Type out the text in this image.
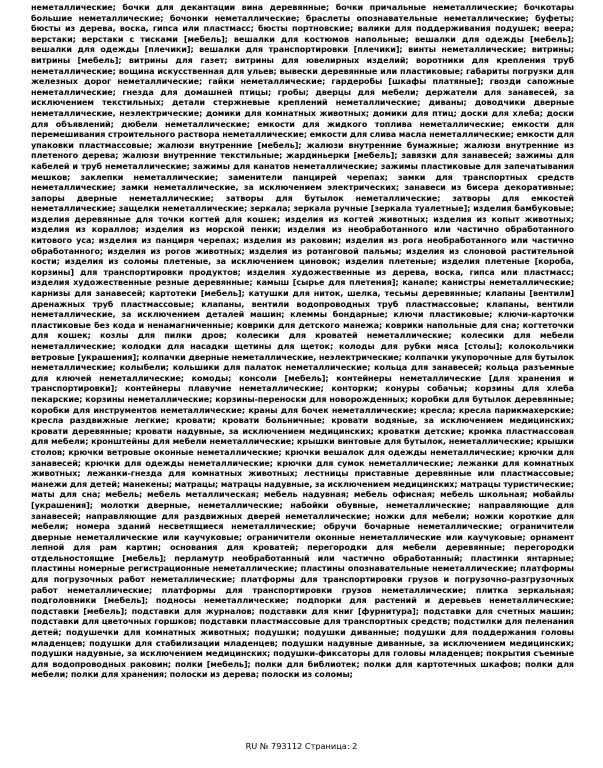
неметаллические; бочки для декантации вина деревянные; бочки причальные неметаллические; бочкотары большие неметаллические; бочонки неметаллические; браслеты опознавательные неметаллические; буфеты; бюсты из дерева, воска, гипса или пластмасс; бюсты портновские; валики для поддерживания подушек; веера; верстаки; верстаки с тисками [мебель]; вешалки для костюмов напольные; вешалки для одежды [мебель]; вешалки для одежды [плечики]; вешалки для транспортировки [плечики]; винты неметаллические; витрины; витрины [мебель]; витрины для газет; витрины для ювелирных изделий; воротники для крепления труб неметаллические; вощина искусственная для ульев; вывески деревянные или пластиковые; габариты погрузки для железных дорог неметаллические; гайки неметаллические; гардеробы [шкафы платяные]; гвозди сапожные неметаллические; гнезда для домашней птицы; гробы; дверцы для мебели; держатели для занавесей, за исключением текстильных; детали стержневые креплений неметаллические; диваны; доводчики дверные неметаллические, неэлектрические; домики для комнатных животных; домики для птиц; доски для хлеба; доски для объявлений; дюбели неметаллические; емкости для жидкого топлива неметаллические; емкости для перемешивания строительного раствора неметаллические; емкости для слива масла неметаллические; емкости для упаковки пластмассовые; жалюзи внутренние [мебель]; жалюзи внутренние бумажные; жалюзи внутренние из плетеного дерева; жалюзи внутренние текстильные; жардиньерки [мебель]; завязки для занавесей; зажимы для кабелей и труб неметаллические; зажимы для канатов неметаллические; зажимы пластиковые для запечатывания мешков; заклепки неметаллические; заменители панцирей черепах; замки для транспортных средств неметаллические; замки неметаллические, за исключением электрических; занавеси из бисера декоративные; запоры дверные неметаллические; затворы для бутылок неметаллические; затворы для емкостей неметаллические; защелки неметаллические; зеркала; зеркала ручные [зеркала туалетные]; изделия бамбуковые; изделия деревянные для точки когтей для кошек; изделия из когтей животных; изделия из копыт животных; изделия из кораллов; изделия из морской пенки; изделия из необработанного или частично обработанного китового уса; изделия из панциря черепах; изделия из раковин; изделия из рога необработанного или частично обработанного; изделия из рогов животных; изделия из ротанговой пальмы; изделия из слоновой растительной кости; изделия из соломы плетеные, за исключением циновок; изделия плетеные; изделия плетеные [короба, корзины] для транспортировки продуктов; изделия художественные из дерева, воска, гипса или пластмасс; изделия художественные резные деревянные; камыш [сырье для плетения]; канапе; канистры неметаллические; карнизы для занавесей; картотеки [мебель]; катушки для ниток, шелка, тесьмы деревянные; клапаны [вентили] дренажных труб пластмассовые; клапаны, вентили водопроводных труб пластмассовые; клапаны, вентили неметаллические, за исключением деталей машин; клеммы бондарные; ключи пластиковые; ключи-карточки пластиковые без кода и ненамагниченные; коврики для детского манежа; коврики напольные для сна; когтеточки для кошек; козлы для пилки дров; колесики для кроватей неметаллические; колесики для мебели неметаллические; колодки для насадки щетины для щеток; колоды для рубки мяса [столы]; колокольчики ветровые [украшения]; колпачки дверные неметаллические, неэлектрические; колпачки укупорочные для бутылок неметаллические; колыбели; кольшики для палаток неметаллические; кольца для занавесей; кольца разъемные для ключей неметаллические; комоды; консоли [мебель]; контейнеры неметаллические [для хранения и транспортировки]; контейнеры плавучие неметаллические; конторки; конуры собачьи; корзины для хлеба пекарские; корзины неметаллические; корзины-переноски для новорожденных; коробки для бутылок деревянные; коробки для инструментов неметаллические; краны для бочек неметаллические; кресла; кресла парикмахерские; кресла раздвижные легкие; кровати; кровати больничные; кровати водяные, за исключением медицинских; кровати деревянные; кровати надувные, за исключением медицинских; кроватки детские; кромка пластмассовая для мебели; кронштейны для мебели неметаллические; крышки винтовые для бутылок, неметаллические; крышки столов; крючки ветровые оконные неметаллические; крючки вешалок для одежды неметаллические; крючки для занавесей; крючки для одежды неметаллические; крючки для сумок неметаллические; лежанки для комнатных животных; лежанки-гнезда для комнатных животных; лестницы приставные деревянные или пластмассовые; манежи для детей; манекены; матрацы; матрацы надувные, за исключением медицинских; матрацы туристические; маты для сна; мебель; мебель металлическая; мебель надувная; мебель офисная; мебель школьная; мобайлы [украшения]; молотки дверные, неметаллические; набойки обувные, неметаллические; направляющие для занавесей; направляющие для раздвижных дверей неметаллические; ножки для мебели; ножки короткие для мебели; номера зданий несветящиеся неметаллические; обручи бочарные неметаллические; ограничители дверные неметаллические или каучуковые; ограничители оконные неметаллические или каучуковые; орнамент лепной для рам картин; основания для кроватей; перегородки для мебели деревянные; перегородки отдельностоящие [мебель]; перламутр необработанный или частично обработанный; пластинки янтарные; пластины номерные регистрационные неметаллические; пластины опознавательные неметаллические; платформы для погрузочных работ неметаллические; платформы для транспортировки грузов и погрузочно-разгрузочных работ неметаллические; платформы для транспортировки грузов неметаллические; плитка зеркальная; подголовники [мебель]; подносы неметаллические; подпорки для растений и деревьев неметаллические; подставки [мебель]; подставки для журналов; подставки для книг [фурнитура]; подставки для счетных машин; подставки для цветочных горшков; подставки пластмассовые для транспортных средств; подстилки для пеленания детей; подушечки для комнатных животных; подушки; подушки диванные; подушки для поддержания головы младенцев; подушки для стабилизации младенцев; подушки надувные диванные, за исключением медицинских; подушки надувные, за исключением медицинских; подушки-фиксаторы для головы младенцев; покрытия съемные для водопроводных раковин; полки [мебель]; полки для библиотек; полки для картотечных шкафов; полки для мебели; полки для хранения; полоски из дерева; полоски из соломы;

RU № 793112 Страница: 2
